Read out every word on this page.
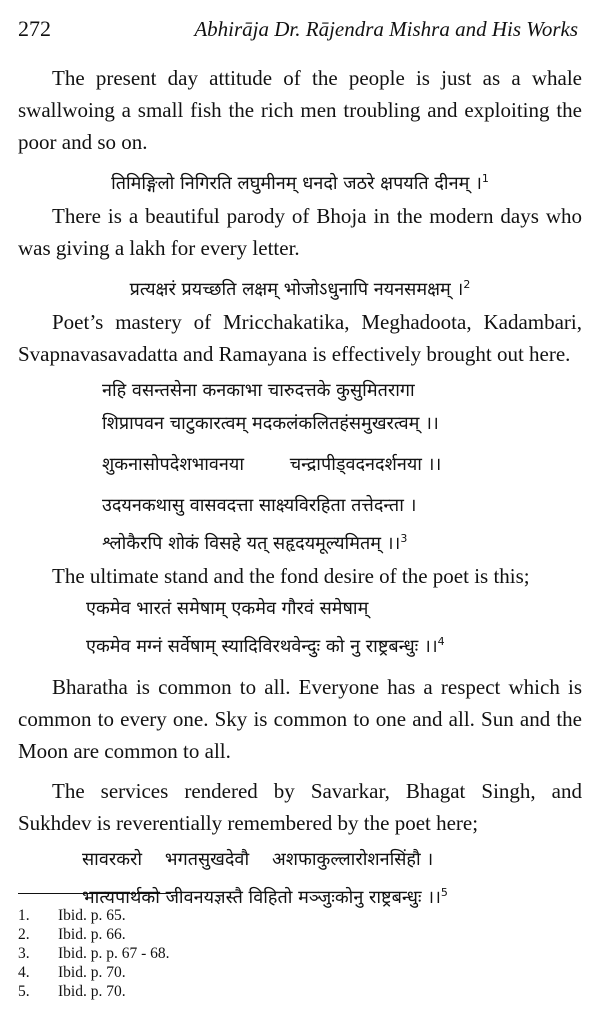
272	Abhirāja Dr. Rājendra Mishra and His Works

The present day attitude of the people is just as a whale swallwoing a small fish the rich men troubling and exploiting the poor and so on.

तिमिङ्गिलो निगिरति लघुमीनम् धनदो जठरे क्षपयति दीनम् ।$^1$

There is a beautiful parody of Bhoja in the modern days who was giving a lakh for every letter.

प्रत्यक्षरं प्रयच्छति लक्षम् भोजोऽधुनापि नयनसमक्षम् ।$^2$

Poet’s mastery of Mricchakatika, Meghadoota, Kadambari, Svapnavasavadatta and Ramayana is effectively brought out here.

नहि वसन्तसेना कनकाभा चारुदत्तके कुसुमितरागा

शिप्रापवन चाटुकारत्वम् मदकलंकलितहंसमुखरत्वम् ।।

शुकनासोपदेशभावनया        चन्द्रापीड्वदनदर्शनया ।।

उदयनकथासु वासवदत्ता साक्ष्यविरहिता तत्तेदन्ता ।

श्लोकैरपि शोकं विसहे यत् सहृदयमूल्यमितम् ।।$^3$

The ultimate stand and the fond desire of the poet is this;

एकमेव भारतं समेषाम् एकमेव गौरवं समेषाम्

एकमेव मग्नं सर्वेषाम् स्यादिविरथवेन्दुः को नु राष्ट्रबन्धुः ।।$^4$

Bharatha is common to all. Everyone has a respect which is common to every one. Sky is common to one and all. Sun and the Moon are common to all.

The services rendered by Savarkar, Bhagat Singh, and Sukhdev is reverentially remembered by the poet here;

सावरकरो    भगतसुखदेवौ    अशफाकुल्लारोशनसिंहौ ।

भात्यपार्थको जीवनयज्ञस्तै विहितो मञ्जुःकोनु राष्ट्रबन्धुः ।।$^5$

1.	Ibid. p. 65.
2.	Ibid. p. 66.
3.	Ibid. p. p. 67 - 68.
4.	Ibid. p. 70.
5.	Ibid. p. 70.
